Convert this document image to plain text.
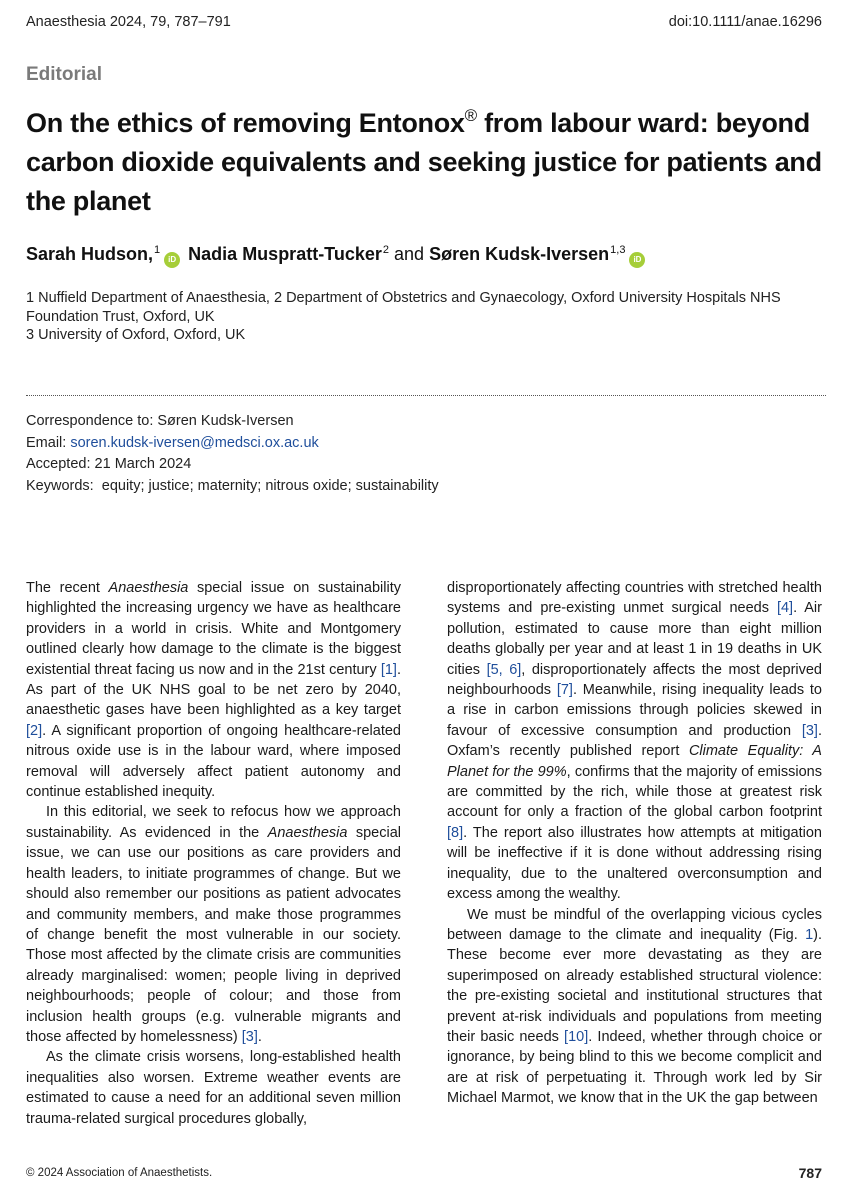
Anaesthesia 2024, 79, 787–791	doi:10.1111/anae.16296
Editorial
On the ethics of removing Entonox® from labour ward: beyond carbon dioxide equivalents and seeking justice for patients and the planet
Sarah Hudson,$^1$iD Nadia Muspratt-Tucker$^2$ and Søren Kudsk-Iversen$^{1,3}$iD
1 Nuffield Department of Anaesthesia, 2 Department of Obstetrics and Gynaecology, Oxford University Hospitals NHS Foundation Trust, Oxford, UK
3 University of Oxford, Oxford, UK
Correspondence to: Søren Kudsk-Iversen
Email: soren.kudsk-iversen@medsci.ox.ac.uk
Accepted: 21 March 2024
Keywords: equity; justice; maternity; nitrous oxide; sustainability

The recent Anaesthesia special issue on sustainability highlighted the increasing urgency we have as healthcare providers in a world in crisis. White and Montgomery outlined clearly how damage to the climate is the biggest existential threat facing us now and in the 21st century [1]. As part of the UK NHS goal to be net zero by 2040, anaesthetic gases have been highlighted as a key target [2]. A significant proportion of ongoing healthcare-related nitrous oxide use is in the labour ward, where imposed removal will adversely affect patient autonomy and continue established inequity.

In this editorial, we seek to refocus how we approach sustainability. As evidenced in the Anaesthesia special issue, we can use our positions as care providers and health leaders, to initiate programmes of change. But we should also remember our positions as patient advocates and community members, and make those programmes of change benefit the most vulnerable in our society. Those most affected by the climate crisis are communities already marginalised: women; people living in deprived neighbourhoods; people of colour; and those from inclusion health groups (e.g. vulnerable migrants and those affected by homelessness) [3].

As the climate crisis worsens, long-established health inequalities also worsen. Extreme weather events are estimated to cause a need for an additional seven million trauma-related surgical procedures globally,

disproportionately affecting countries with stretched health systems and pre-existing unmet surgical needs [4]. Air pollution, estimated to cause more than eight million deaths globally per year and at least 1 in 19 deaths in UK cities [5, 6], disproportionately affects the most deprived neighbourhoods [7]. Meanwhile, rising inequality leads to a rise in carbon emissions through policies skewed in favour of excessive consumption and production [3]. Oxfam’s recently published report Climate Equality: A Planet for the 99%, confirms that the majority of emissions are committed by the rich, while those at greatest risk account for only a fraction of the global carbon footprint [8]. The report also illustrates how attempts at mitigation will be ineffective if it is done without addressing rising inequality, due to the unaltered overconsumption and excess among the wealthy.

We must be mindful of the overlapping vicious cycles between damage to the climate and inequality (Fig. 1). These become ever more devastating as they are superimposed on already established structural violence: the pre-existing societal and institutional structures that prevent at-risk individuals and populations from meeting their basic needs [10]. Indeed, whether through choice or ignorance, by being blind to this we become complicit and are at risk of perpetuating it. Through work led by Sir Michael Marmot, we know that in the UK the gap between

© 2024 Association of Anaesthetists.	787
